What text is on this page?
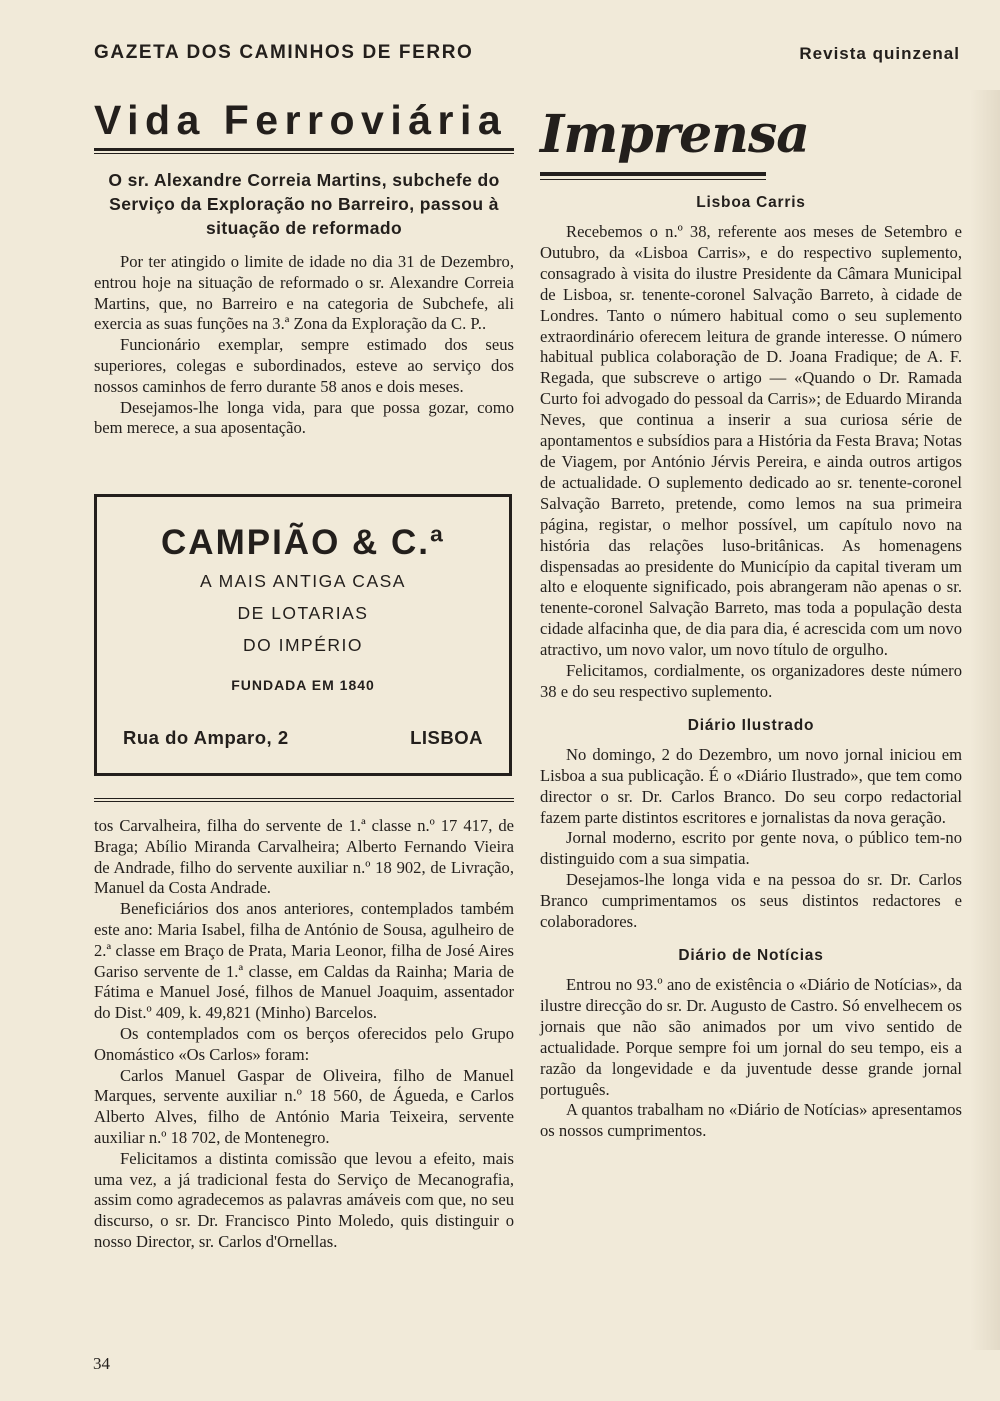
GAZETA DOS CAMINHOS DE FERRO	Revista quinzenal
Vida Ferroviária
O sr. Alexandre Correia Martins, subchefe do Serviço da Exploração no Barreiro, passou à situação de reformado

Por ter atingido o limite de idade no dia 31 de Dezembro, entrou hoje na situação de reformado o sr. Alexandre Correia Martins, que, no Barreiro e na categoria de Subchefe, ali exercia as suas funções na 3.ª Zona da Exploração da C. P..

Funcionário exemplar, sempre estimado dos seus superiores, colegas e subordinados, esteve ao serviço dos nossos caminhos de ferro durante 58 anos e dois meses.

Desejamos-lhe longa vida, para que possa gozar, como bem merece, a sua aposentação.

CAMPIÃO & C.ª
A MAIS ANTIGA CASA
DE LOTARIAS
DO IMPÉRIO
FUNDADA EM 1840
Rua do Amparo, 2	LISBOA

tos Carvalheira, filha do servente de 1.ª classe n.º 17 417, de Braga; Abílio Miranda Carvalheira; Alberto Fernando Vieira de Andrade, filho do servente auxiliar n.º 18 902, de Livração, Manuel da Costa Andrade.

Beneficiários dos anos anteriores, contemplados também este ano: Maria Isabel, filha de António de Sousa, agulheiro de 2.ª classe em Braço de Prata, Maria Leonor, filha de José Aires Gariso servente de 1.ª classe, em Caldas da Rainha; Maria de Fátima e Manuel José, filhos de Manuel Joaquim, assentador do Dist.º 409, k. 49,821 (Minho) Barcelos.

Os contemplados com os berços oferecidos pelo Grupo Onomástico «Os Carlos» foram:

Carlos Manuel Gaspar de Oliveira, filho de Manuel Marques, servente auxiliar n.º 18 560, de Águeda, e Carlos Alberto Alves, filho de António Maria Teixeira, servente auxiliar n.º 18 702, de Montenegro.

Felicitamos a distinta comissão que levou a efeito, mais uma vez, a já tradicional festa do Serviço de Mecanografia, assim como agradecemos as palavras amáveis com que, no seu discurso, o sr. Dr. Francisco Pinto Moledo, quis distinguir o nosso Director, sr. Carlos d'Ornellas.

Imprensa
Lisboa Carris

Recebemos o n.º 38, referente aos meses de Setembro e Outubro, da «Lisboa Carris», e do respectivo suplemento, consagrado à visita do ilustre Presidente da Câmara Municipal de Lisboa, sr. tenente-coronel Salvação Barreto, à cidade de Londres. Tanto o número habitual como o seu suplemento extraordinário oferecem leitura de grande interesse. O número habitual publica colaboração de D. Joana Fradique; de A. F. Regada, que subscreve o artigo — «Quando o Dr. Ramada Curto foi advogado do pessoal da Carris»; de Eduardo Miranda Neves, que continua a inserir a sua curiosa série de apontamentos e subsídios para a História da Festa Brava; Notas de Viagem, por António Jérvis Pereira, e ainda outros artigos de actualidade. O suplemento dedicado ao sr. tenente-coronel Salvação Barreto, pretende, como lemos na sua primeira página, registar, o melhor possível, um capítulo novo na história das relações luso-britânicas. As homenagens dispensadas ao presidente do Município da capital tiveram um alto e eloquente significado, pois abrangeram não apenas o sr. tenente-coronel Salvação Barreto, mas toda a população desta cidade alfacinha que, de dia para dia, é acrescida com um novo atractivo, um novo valor, um novo título de orgulho.

Felicitamos, cordialmente, os organizadores deste número 38 e do seu respectivo suplemento.

Diário Ilustrado

No domingo, 2 do Dezembro, um novo jornal iniciou em Lisboa a sua publicação. É o «Diário Ilustrado», que tem como director o sr. Dr. Carlos Branco. Do seu corpo redactorial fazem parte distintos escritores e jornalistas da nova geração.

Jornal moderno, escrito por gente nova, o público tem-no distinguido com a sua simpatia.

Desejamos-lhe longa vida e na pessoa do sr. Dr. Carlos Branco cumprimentamos os seus distintos redactores e colaboradores.

Diário de Notícias

Entrou no 93.º ano de existência o «Diário de Notícias», da ilustre direcção do sr. Dr. Augusto de Castro. Só envelhecem os jornais que não são animados por um vivo sentido de actualidade. Porque sempre foi um jornal do seu tempo, eis a razão da longevidade e da juventude desse grande jornal português.

A quantos trabalham no «Diário de Notícias» apresentamos os nossos cumprimentos.

34
